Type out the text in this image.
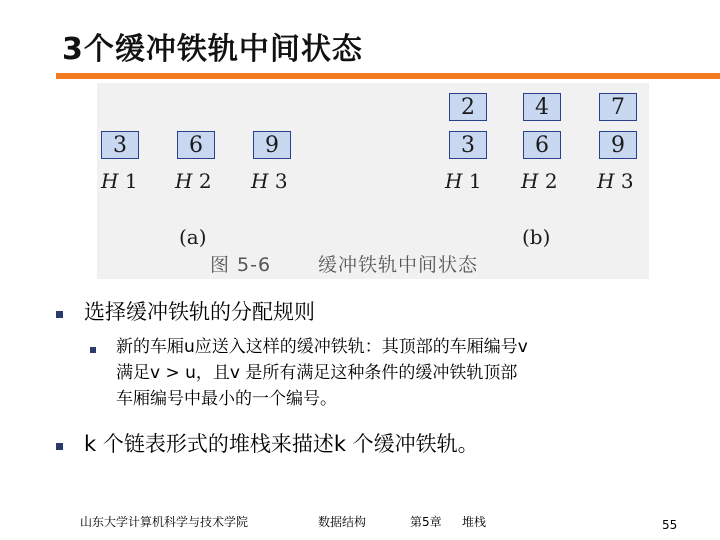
3个缓冲铁轨中间状态
3	6	9
H 1 H 2 H 3
(a)
2	4	7
3	6	9
H 1 H 2 H 3
(b)
图 5-6 缓冲铁轨中间状态
选择缓冲铁轨的分配规则
新的车厢u应送入这样的缓冲铁轨：其顶部的车厢编号v
满足v > u，且v 是所有满足这种条件的缓冲铁轨顶部
车厢编号中最小的一个编号。
k 个链表形式的堆栈来描述k 个缓冲铁轨。
山东大学计算机科学与技术学院	数据结构	第5章 堆栈	55
